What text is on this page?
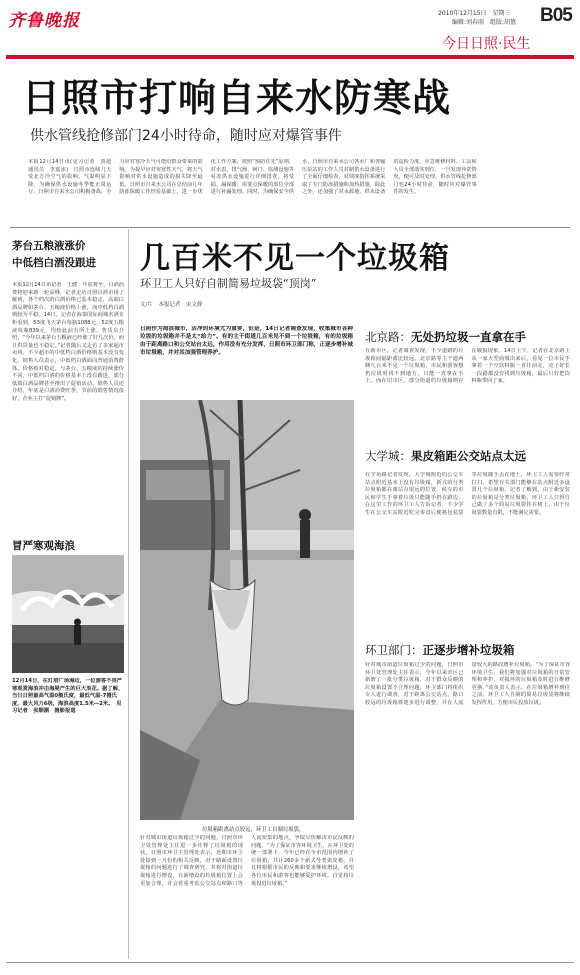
齐鲁晚报	2010年12月15日　星期三
编辑:刘春雨　组版:胡僖 B05
今日日照·民生
日照市打响自来水防寒战
供水管线抢修部门24小时待命，随时应对爆管事件
本报12月14日讯(见习记者　贾超　通讯员　李嘉冰)　日照市连续几天受北方冷空气的影响，气温明显下降，为确保供水设施冬季能正常运行，日照市自来水公司积极备战，全力应对寒冷天气可能给群众带来的影响。为提早应对突寒性天气，将天气影响对供水设施造成的损失降至最低，日照市自来水公司在总结前几年防冻保暖工作经验基础上，进一步优化工作方案，按照“预防在先”原则，对水表、排气阀、闸门、监测设施等易冻供水设施进行详细排查，将受损、漏保暖、需要点保暖的部位全部进行补漏处理。同时，为确保安全供水，日照市自来水公司各水厂和各输压泵站的工作人员对制供水设备进行了全面仔细检查，对调度指挥系统采取了专门防冻措施和加热措施，除此之外，还加强了对水源地、供水设备的巡检力度，应急维修材料、工具和人员全部落实到位，一旦发现异常情况，便可及时处理。供水管线抢修部门也24小时待命，随时应对爆管事件的发生。
茅台五粮液涨价
中低档白酒没跟进
本报12月14日讯记者　王健　年底将至，白酒消费将迎来新一轮高峰，记者走访日照白酒市场了解到，各个档次的白酒价格已基本稳定，高端白酒品牌如茅台、五粮液价格上涨，而中低档白酒则较为平稳。14日，记者在海泰国际商城名酒专柜看到，53度飞天茅台每瓶1088元，52度五粮液每瓶839元，均较此前有所上涨，售货员介绍，“今年以来茅台五粮液已经涨了好几次价，而且供货量也不稳定。”记者随后又走访了多家超市卖场，不少超市的中低档白酒价格则基本没有变化，销售人员表示，中低档白酒面向普通消费群体，价格相对稳定。与茅台、五粮液的持续涨价不同，中低档白酒的价格基本上没有跟进，部分低端白酒品牌甚至推出了促销活动。销售人员还介绍，年底是白酒消费旺季，节前的销售情况很好，企业主打“促销牌”。
冒严寒观海浪
12月14日，在灯塔广场海边，一位游客不畏严寒观赏海浪冲击海堤产生的巨大浪花。据了解，当日日照最高气温0摄氏度，最低气温-7摄氏度，最大风力6级，海浪高度1.5米—2米。　见习记者　张顺潮　摄影报道
几百米不见一个垃圾箱
环卫工人只好自制简易垃圾袋“顶岗”
文/片　本报记者　宋文静
日照作为海滨城市，洁净的环境尤为重要，但是，14日记者调查发现，收集城市各种垃圾的垃圾箱并不是太“给力”。有的主干街道几百米见不到一个垃圾箱，有的垃圾箱由于距离路口和公交站台太远，作用没有充分发挥，日照市环卫部门称，正逐步增补城市垃圾箱，并对其加强管理养护。
垃圾箱距离站点较远，环卫工自制垃圾袋。
针对城市街道垃圾箱过少的问题，日照市环卫处管理处主任进一步诠释了垃圾箱的现状，日照市环卫主管理处表示，近期市环卫处接到一月份的相关反映，对于路面设置垃圾箱的问题进行了调查研究，并将对街道垃圾箱进行增设，在新增设的垃圾箱位置上会更加合理，并会着重考虑公交站点和路口等人流密集的地点，争取尽快解决市民反映的问题。“为了保证市容环境卫生，在环卫处的统一部署下，今年已经在全市范围内增补了垃圾箱，共计260多个新式分类果皮箱，并且将根据市民的反映和要求继续增设，希望各位市民和游客也能够爱护环境，自觉将垃圾投进垃圾箱。”
北京路：无处扔垃圾一直拿在手
在新市区，记者调查发现，不少道路的垃圾箱间隔距离比较远，北京路等主干道两侧几百米不见一个垃圾箱，市民和游客想扔垃圾时找不到地方，只能一直拿在手上。而在旧市区，部分街道的垃圾箱则存在破损现象。14日上午，记者在北京路上从一家大型商城出来后，看见一位市民手拿着一个空饮料瓶一直往前走，走了好长一段路都没有找到垃圾箱，最后只好把饮料瓶带回了家。
大学城：果皮箱距公交站点太远
在学苑路记者发现，大学城附近的公交车站点附近基本上没有垃圾箱，新式的分类垃圾箱都在离站点很远的位置，候车的市民和学生手拿着垃圾只能随手扔在路边。在这里工作的环卫工人告诉记者，不少学生在公交车站附近吃完零食后便将包装袋等垃圾随手丢在地上，环卫工人需要经常打扫，希望有关部门能够在站点附近多设置几个垃圾箱。记者了解到，由于新安装的垃圾箱是分类垃圾箱，环卫工人只得自己做了多个简易垃圾袋挂在树上，由于垃圾袋数量有限，不能满足需要。
环卫部门：正逐步增补垃圾箱
针对城市街道垃圾箱过少的问题，日照市环卫处管理处主任表示，今年以来市区已新增了一批分类垃圾箱，对于群众反映的垃圾箱设置不合理问题，环卫部门将组织专人进行调查，对于距离公交站点、路口较远的垃圾箱将逐步进行调整，并在人流量较大的路段增补垃圾箱。“为了保证市容环境卫生，我们将加强对垃圾箱的日常管理和养护，对损坏的垃圾箱及时进行维修更换。”该负责人表示，在垃圾箱增补到位之前，环卫工人自制的简易垃圾袋将继续发挥作用，方便市民投放垃圾。
